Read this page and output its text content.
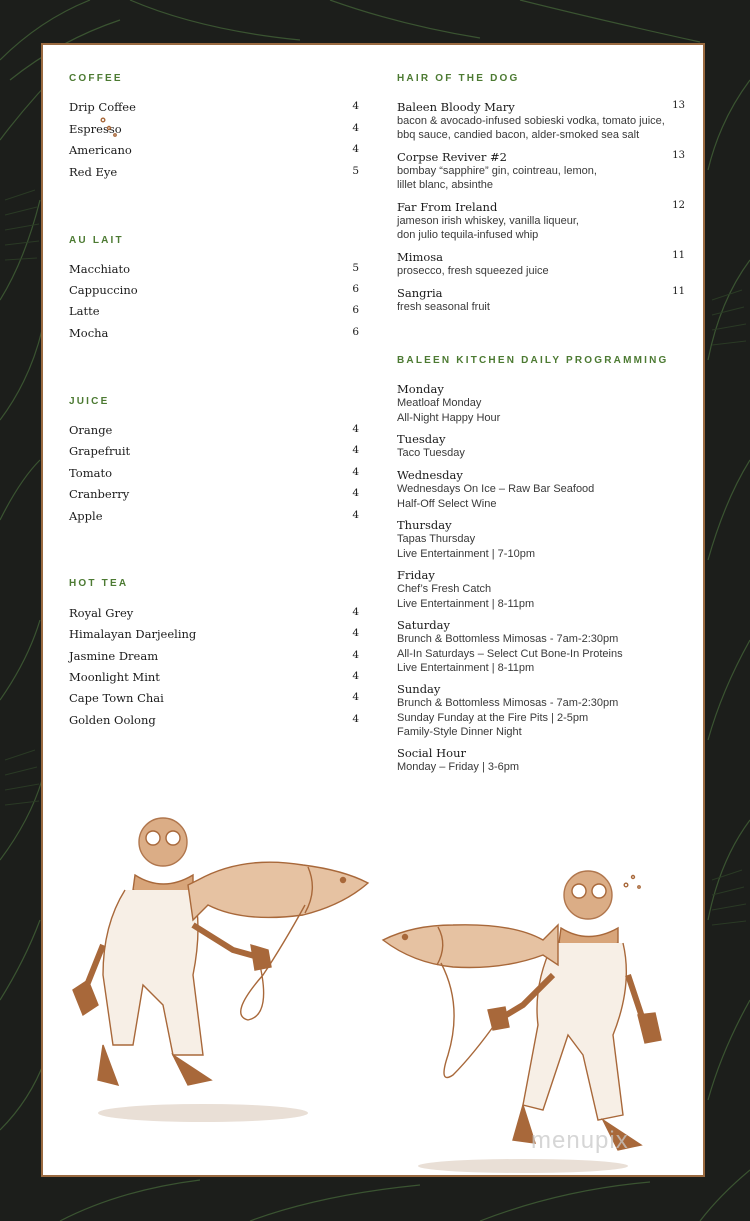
COFFEE
Drip Coffee	4
Espresso	4
Americano	4
Red Eye	5
AU LAIT
Macchiato	5
Cappuccino	6
Latte	6
Mocha	6
JUICE
Orange	4
Grapefruit	4
Tomato	4
Cranberry	4
Apple	4
HOT TEA
Royal Grey	4
Himalayan Darjeeling	4
Jasmine Dream	4
Moonlight Mint	4
Cape Town Chai	4
Golden Oolong	4
HAIR OF THE DOG
Baleen Bloody Mary	13
bacon & avocado-infused sobieski vodka, tomato juice,
bbq sauce, candied bacon, alder-smoked sea salt
Corpse Reviver #2	13
bombay “sapphire” gin, cointreau, lemon,
lillet blanc, absinthe
Far From Ireland	12
jameson irish whiskey, vanilla liqueur,
don julio tequila-infused whip
Mimosa	11
prosecco, fresh squeezed juice
Sangria	11
fresh seasonal fruit
BALEEN KITCHEN DAILY PROGRAMMING
Monday
Meatloaf Monday
All-Night Happy Hour
Tuesday
Taco Tuesday
Wednesday
Wednesdays On Ice – Raw Bar Seafood
Half-Off Select Wine
Thursday
Tapas Thursday
Live Entertainment | 7-10pm
Friday
Chef’s Fresh Catch
Live Entertainment | 8-11pm
Saturday
Brunch & Bottomless Mimosas - 7am-2:30pm
All-In Saturdays – Select Cut Bone-In Proteins
Live Entertainment | 8-11pm
Sunday
Brunch & Bottomless Mimosas - 7am-2:30pm
Sunday Funday at the Fire Pits | 2-5pm
Family-Style Dinner Night
Social Hour
Monday – Friday | 3-6pm
menupix
